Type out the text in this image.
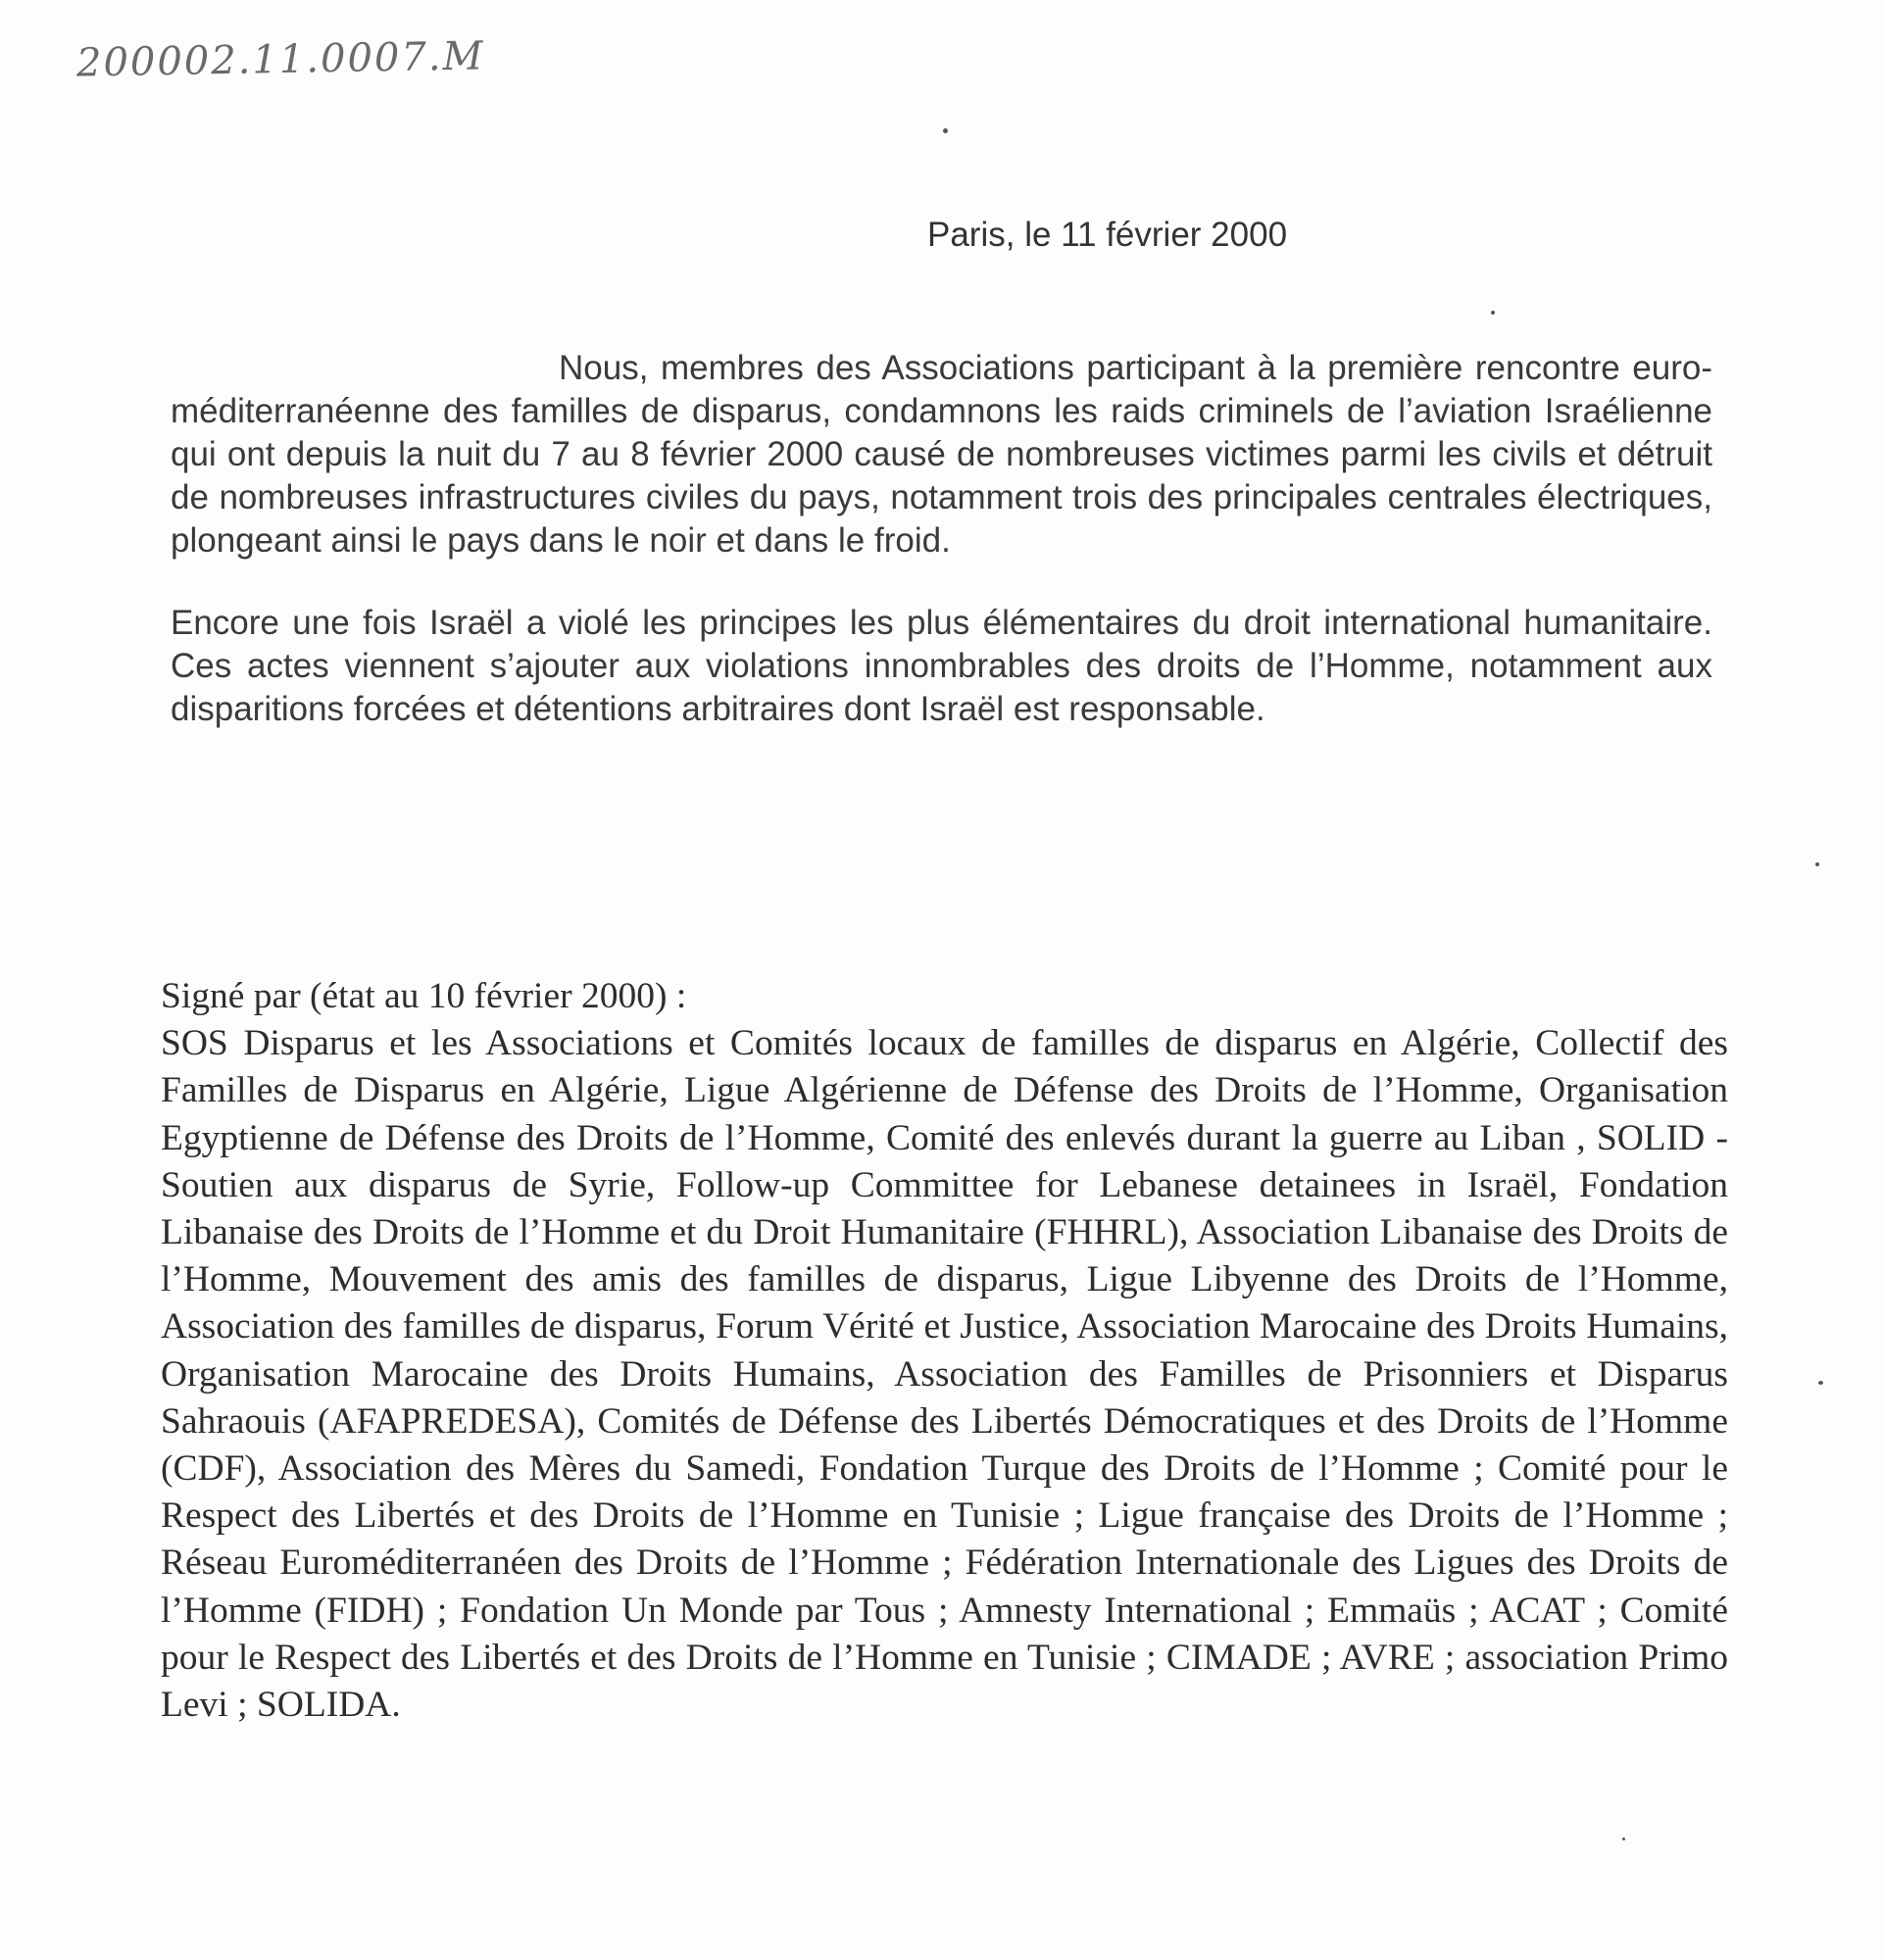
200002.11.0007.M
Paris, le 11 février 2000

Nous, membres des Associations participant à la première rencontre euro-méditerranéenne des familles de disparus, condamnons les raids criminels de l’aviation Israélienne qui ont depuis la nuit du 7 au 8 février 2000 causé de nombreuses victimes parmi les civils et détruit de nombreuses infrastructures civiles du pays, notamment trois des principales centrales électriques, plongeant ainsi le pays dans le noir et dans le froid.

Encore une fois Israël a violé les principes les plus élémentaires du droit international humanitaire. Ces actes viennent s’ajouter aux violations innombrables des droits de l’Homme, notamment aux disparitions forcées et détentions arbitraires dont Israël est responsable.

Signé par (état au 10 février 2000) :
SOS Disparus et les Associations et Comités locaux de familles de disparus en Algérie, Collectif des Familles de Disparus en Algérie, Ligue Algérienne de Défense des Droits de l’Homme, Organisation Egyptienne de Défense des Droits de l’Homme, Comité des enlevés durant la guerre au Liban , SOLID - Soutien aux disparus de Syrie, Follow-up Committee for Lebanese detainees in Israël, Fondation Libanaise des Droits de l’Homme et du Droit Humanitaire (FHHRL), Association Libanaise des Droits de l’Homme, Mouvement des amis des familles de disparus, Ligue Libyenne des Droits de l’Homme, Association des familles de disparus, Forum Vérité et Justice, Association Marocaine des Droits Humains, Organisation Marocaine des Droits Humains, Association des Familles de Prisonniers et Disparus Sahraouis (AFAPREDESA), Comités de Défense des Libertés Démocratiques et des Droits de l’Homme (CDF), Association des Mères du Samedi, Fondation Turque des Droits de l’Homme ; Comité pour le Respect des Libertés et des Droits de l’Homme en Tunisie ; Ligue française des Droits de l’Homme ; Réseau Euroméditerranéen des Droits de l’Homme ; Fédération Internationale des Ligues des Droits de l’Homme (FIDH) ; Fondation Un Monde par Tous ; Amnesty International ; Emmaüs ; ACAT ; Comité pour le Respect des Libertés et des Droits de l’Homme en Tunisie ; CIMADE ; AVRE ; association Primo Levi ; SOLIDA.
